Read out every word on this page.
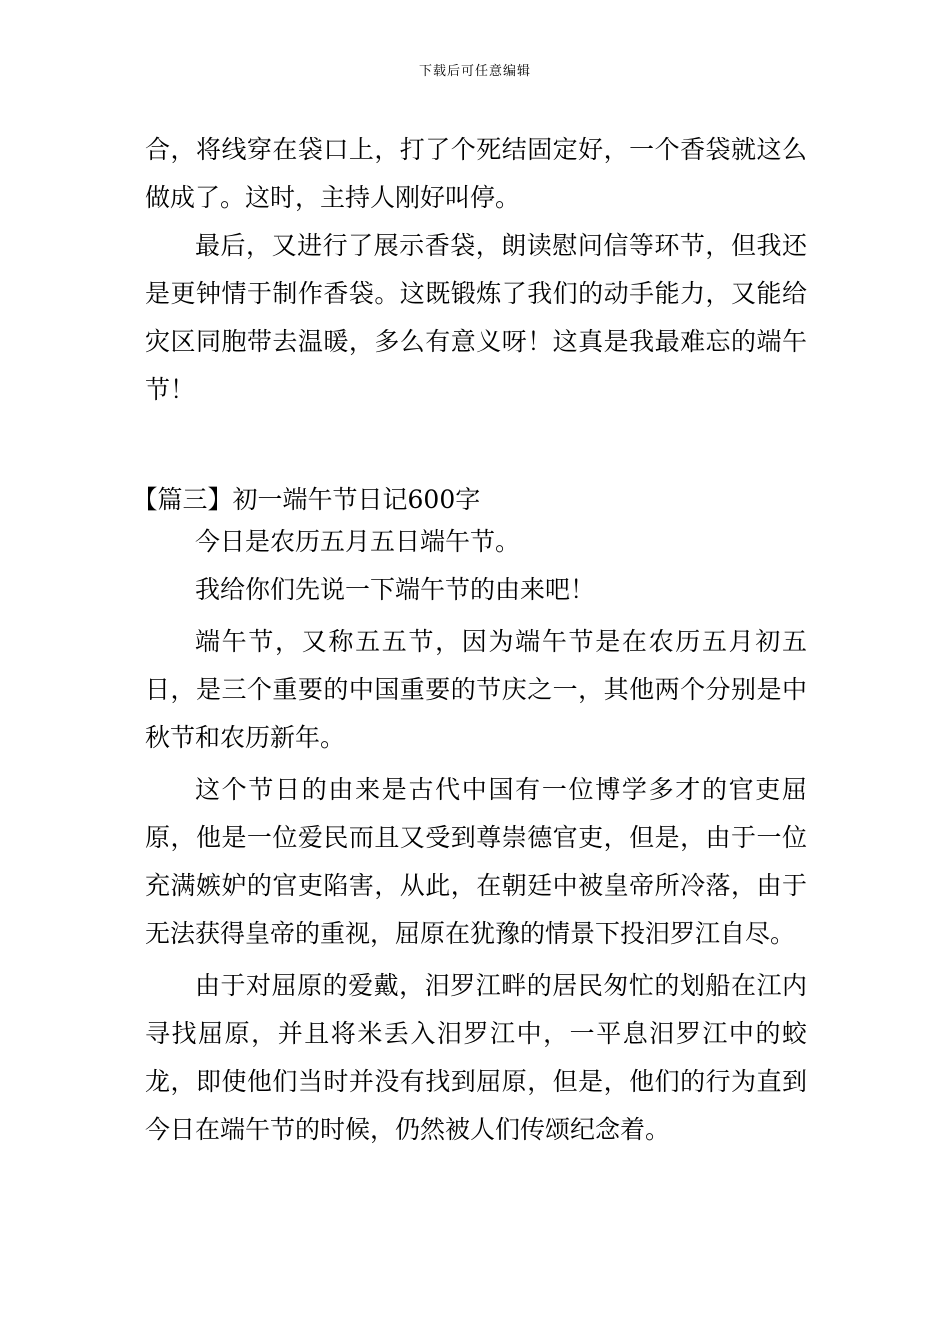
下载后可任意编辑

合，将线穿在袋口上，打了个死结固定好，一个香袋就这么做成了。这时，主持人刚好叫停。

最后，又进行了展示香袋，朗读慰问信等环节，但我还是更钟情于制作香袋。这既锻炼了我们的动手能力，又能给灾区同胞带去温暖，多么有意义呀！这真是我最难忘的端午节！

【篇三】初一端午节日记600字

今日是农历五月五日端午节。

我给你们先说一下端午节的由来吧！

端午节，又称五五节，因为端午节是在农历五月初五日，是三个重要的中国重要的节庆之一，其他两个分别是中秋节和农历新年。

这个节日的由来是古代中国有一位博学多才的官吏屈原，他是一位爱民而且又受到尊崇德官吏，但是，由于一位充满嫉妒的官吏陷害，从此，在朝廷中被皇帝所冷落，由于无法获得皇帝的重视，屈原在犹豫的情景下投汨罗江自尽。

由于对屈原的爱戴，汨罗江畔的居民匆忙的划船在江内寻找屈原，并且将米丢入汨罗江中，一平息汨罗江中的蛟龙，即使他们当时并没有找到屈原，但是，他们的行为直到今日在端午节的时候，仍然被人们传颂纪念着。
